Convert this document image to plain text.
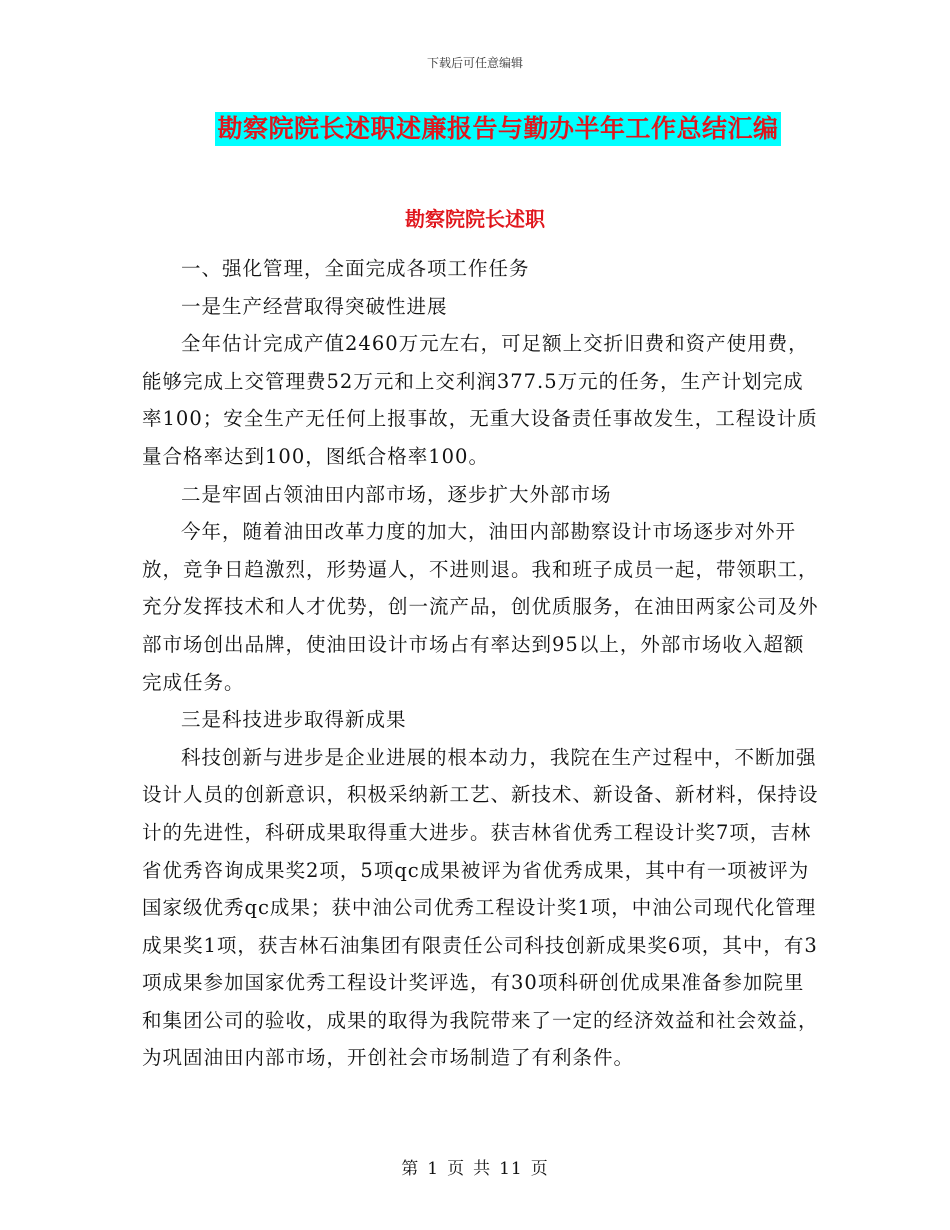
下载后可任意编辑
勘察院院长述职述廉报告与勤办半年工作总结汇编
勘察院院长述职

一、强化管理，全面完成各项工作任务

一是生产经营取得突破性进展

全年估计完成产值2460万元左右，可足额上交折旧费和资产使用费，能够完成上交管理费52万元和上交利润377.5万元的任务，生产计划完成率100；安全生产无任何上报事故，无重大设备责任事故发生，工程设计质量合格率达到100，图纸合格率100。

二是牢固占领油田内部市场，逐步扩大外部市场

今年，随着油田改革力度的加大，油田内部勘察设计市场逐步对外开放，竞争日趋激烈，形势逼人，不进则退。我和班子成员一起，带领职工，充分发挥技术和人才优势，创一流产品，创优质服务，在油田两家公司及外部市场创出品牌，使油田设计市场占有率达到95以上，外部市场收入超额完成任务。

三是科技进步取得新成果

科技创新与进步是企业进展的根本动力，我院在生产过程中，不断加强设计人员的创新意识，积极采纳新工艺、新技术、新设备、新材料，保持设计的先进性，科研成果取得重大进步。获吉林省优秀工程设计奖7项，吉林省优秀咨询成果奖2项，5项qc成果被评为省优秀成果，其中有一项被评为国家级优秀qc成果；获中油公司优秀工程设计奖1项，中油公司现代化管理成果奖1项，获吉林石油集团有限责任公司科技创新成果奖6项，其中，有3项成果参加国家优秀工程设计奖评选，有30项科研创优成果准备参加院里和集团公司的验收，成果的取得为我院带来了一定的经济效益和社会效益，为巩固油田内部市场，开创社会市场制造了有利条件。

第 1 页 共 11 页
